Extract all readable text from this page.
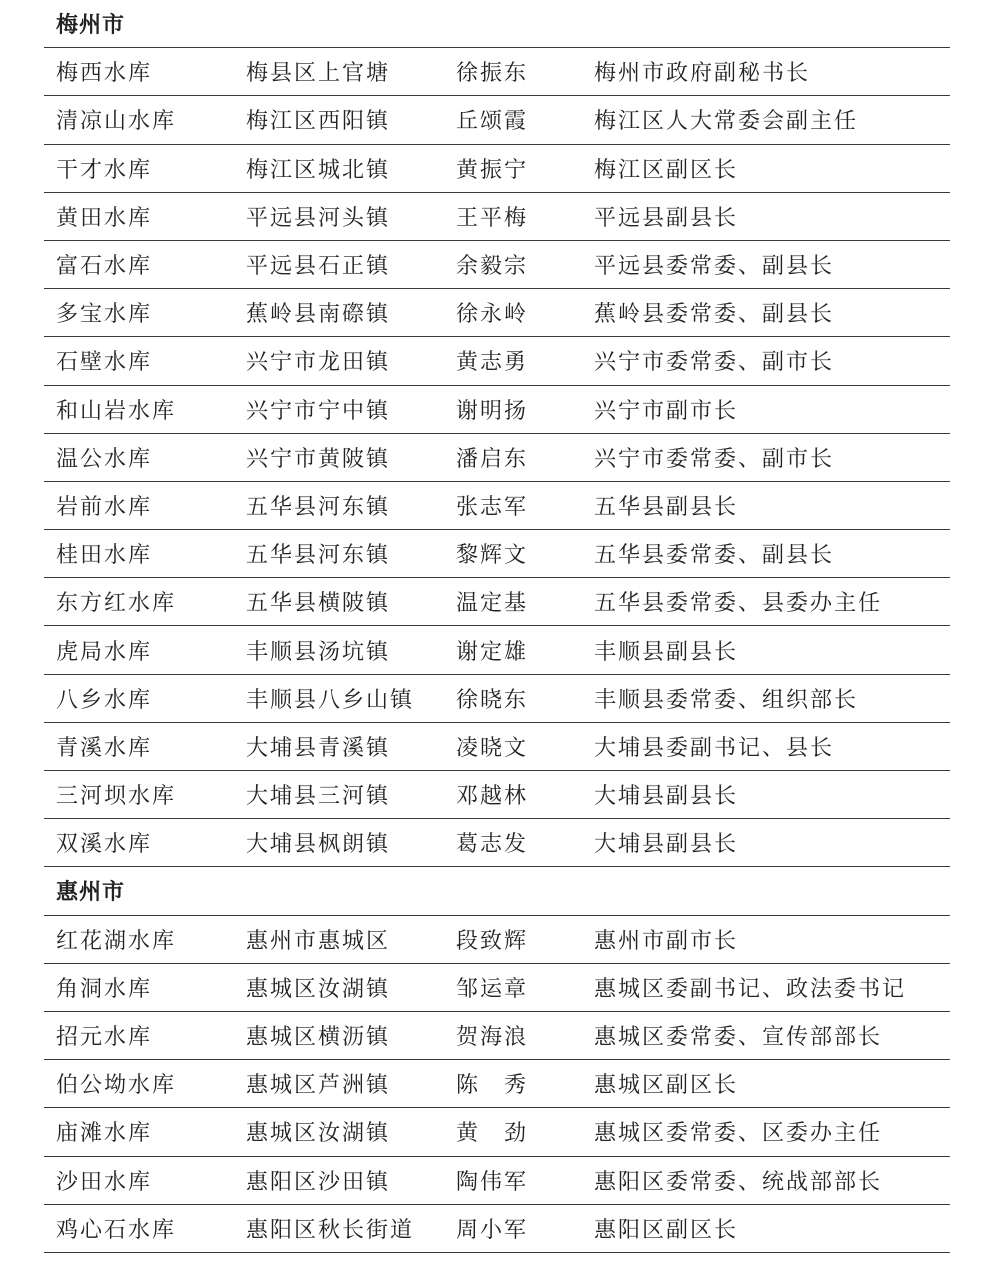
梅州市
梅西水库	梅县区上官塘	徐振东	梅州市政府副秘书长
清凉山水库	梅江区西阳镇	丘颂霞	梅江区人大常委会副主任
干才水库	梅江区城北镇	黄振宁	梅江区副区长
黄田水库	平远县河头镇	王平梅	平远县副县长
富石水库	平远县石正镇	余毅宗	平远县委常委、副县长
多宝水库	蕉岭县南磜镇	徐永岭	蕉岭县委常委、副县长
石壁水库	兴宁市龙田镇	黄志勇	兴宁市委常委、副市长
和山岩水库	兴宁市宁中镇	谢明扬	兴宁市副市长
温公水库	兴宁市黄陂镇	潘启东	兴宁市委常委、副市长
岩前水库	五华县河东镇	张志军	五华县副县长
桂田水库	五华县河东镇	黎辉文	五华县委常委、副县长
东方红水库	五华县横陂镇	温定基	五华县委常委、县委办主任
虎局水库	丰顺县汤坑镇	谢定雄	丰顺县副县长
八乡水库	丰顺县八乡山镇	徐晓东	丰顺县委常委、组织部长
青溪水库	大埔县青溪镇	凌晓文	大埔县委副书记、县长
三河坝水库	大埔县三河镇	邓越林	大埔县副县长
双溪水库	大埔县枫朗镇	葛志发	大埔县副县长
惠州市
红花湖水库	惠州市惠城区	段致辉	惠州市副市长
角洞水库	惠城区汝湖镇	邹运章	惠城区委副书记、政法委书记
招元水库	惠城区横沥镇	贺海浪	惠城区委常委、宣传部部长
伯公坳水库	惠城区芦洲镇	陈　秀	惠城区副区长
庙滩水库	惠城区汝湖镇	黄　劲	惠城区委常委、区委办主任
沙田水库	惠阳区沙田镇	陶伟军	惠阳区委常委、统战部部长
鸡心石水库	惠阳区秋长街道	周小军	惠阳区副区长
